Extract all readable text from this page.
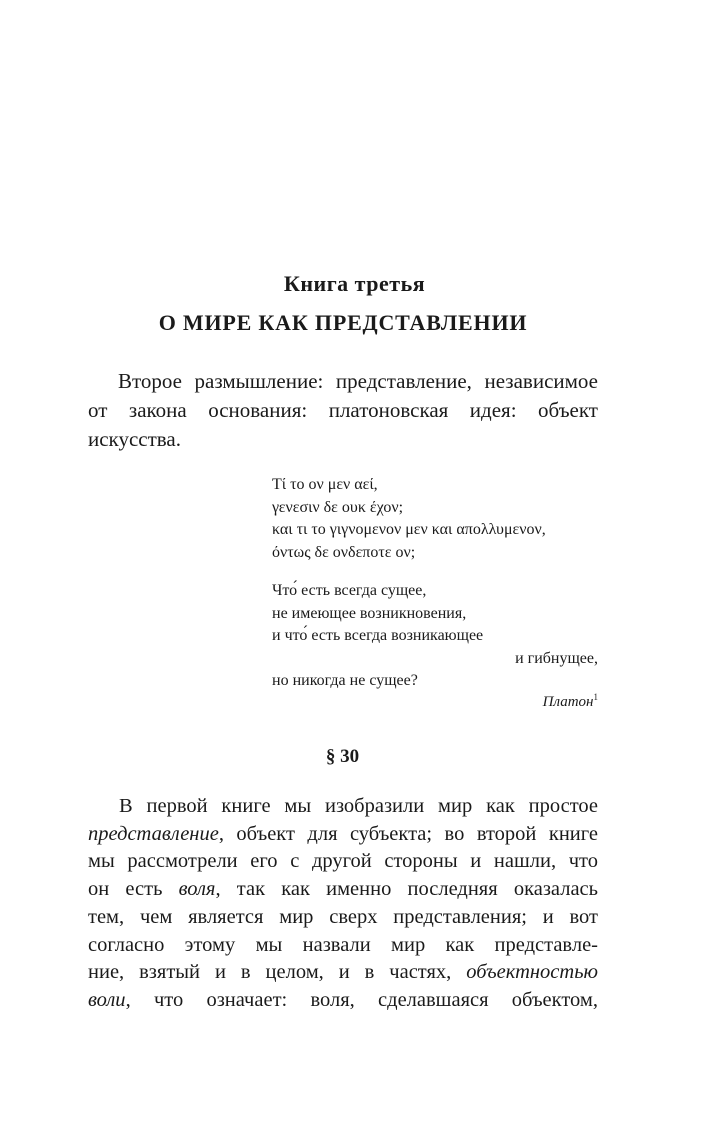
Книга третья
О МИРЕ КАК ПРЕДСТАВЛЕНИИ

Второе размышление: представление, независимое от закона основания: платоновская идея: объект искусства.

Τί το ον μεν αεί,
γενεσιν δε ουκ έχον;
και τι το γιγνομενον μεν και απολλυμενον,
όντως δε ονδεποτε ον;
Что́ есть всегда сущее,
не имеющее возникновения,
и что́ есть всегда возникающее
и гибнущее,
но никогда не сущее?
Платон$^1$
§ 30
В первой книге мы изобразили мир как простое
представление, объект для субъекта; во второй книге
мы рассмотрели его с другой стороны и нашли, что
он есть воля, так как именно последняя оказалась
тем, чем является мир сверх представления; и вот
согласно этому мы назвали мир как представле-
ние, взятый и в целом, и в частях, объектностью
воли, что означает: воля, сделавшаяся объектом,
